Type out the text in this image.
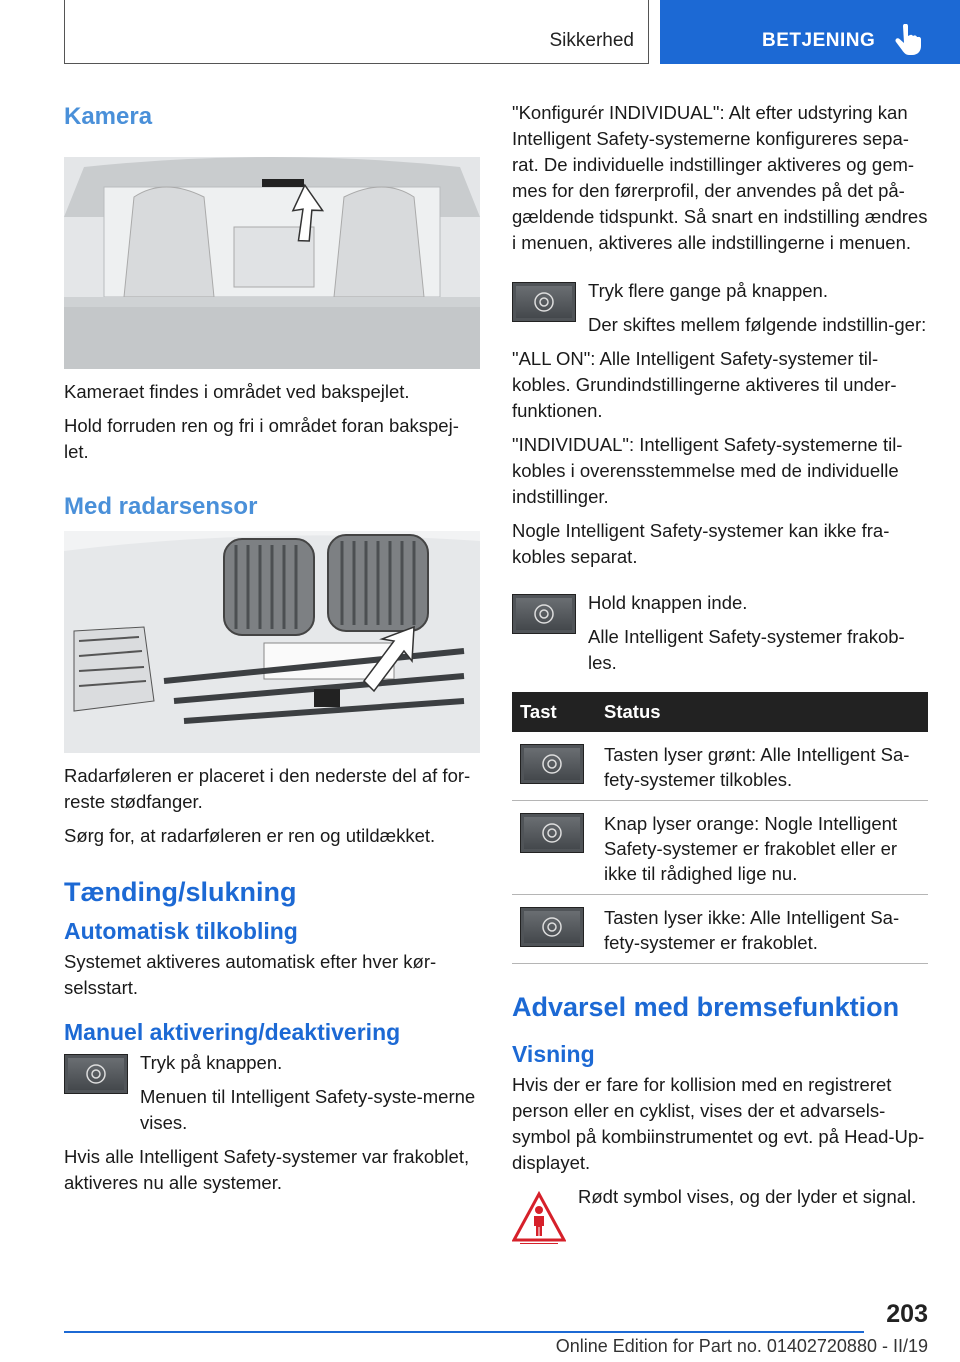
Sikkerhed	BETJENING
Kamera

Kameraet findes i området ved bakspejlet.

Hold forruden ren og fri i området foran bakspej-let.

Med radarsensor

Radarføleren er placeret i den nederste del af for-reste stødfanger.

Sørg for, at radarføleren er ren og utildækket.

Tænding/slukning
Automatisk tilkobling

Systemet aktiveres automatisk efter hver kør-selsstart.

Manuel aktivering/deaktivering

Tryk på knappen.

Menuen til Intelligent Safety-syste-merne vises.

Hvis alle Intelligent Safety-systemer var frakoblet, aktiveres nu alle systemer.

"Konfigurér INDIVIDUAL": Alt efter udstyring kan Intelligent Safety-systemerne konfigureres sepa-rat. De individuelle indstillinger aktiveres og gem-mes for den førerprofil, der anvendes på det på-gældende tidspunkt. Så snart en indstilling ændres i menuen, aktiveres alle indstillingerne i menuen.

Tryk flere gange på knappen.

Der skiftes mellem følgende indstillin-ger:

"ALL ON": Alle Intelligent Safety-systemer til-kobles. Grundindstillingerne aktiveres til under-funktionen.

"INDIVIDUAL": Intelligent Safety-systemerne til-kobles i overensstemmelse med de individuelle indstillinger.

Nogle Intelligent Safety-systemer kan ikke fra-kobles separat.

Hold knappen inde.

Alle Intelligent Safety-systemer frakob-les.

Tast	Status

	Tasten lyser grønt: Alle Intelligent Sa-fety-systemer tilkobles.

	Knap lyser orange: Nogle Intelligent Safety-systemer er frakoblet eller er ikke til rådighed lige nu.

	Tasten lyser ikke: Alle Intelligent Sa-fety-systemer er frakoblet.
Advarsel med bremsefunktion
Visning

Hvis der er fare for kollision med en registreret person eller en cyklist, vises der et advarsels-symbol på kombiinstrumentet og evt. på Head-Up-displayet.

Rødt symbol vises, og der lyder et signal.

203
Online Edition for Part no. 01402720880 - II/19
